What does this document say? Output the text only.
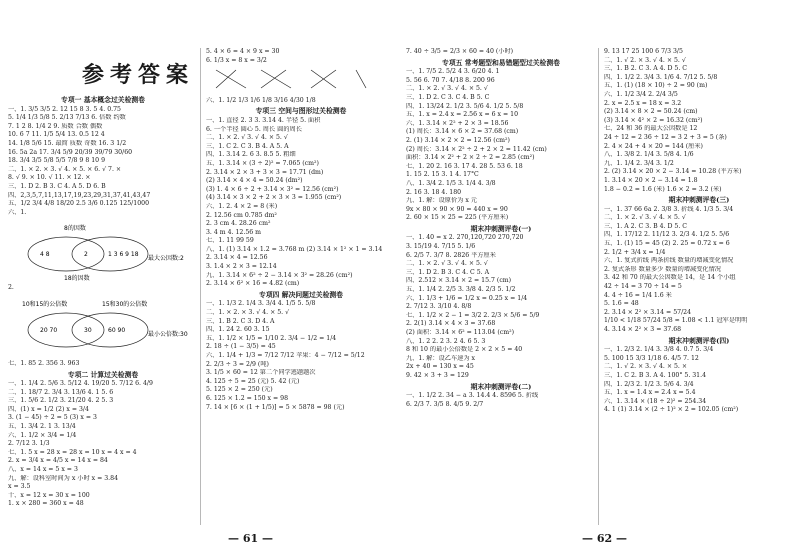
参考答案
专项一 基本概念过关检测卷
一、1. 3/5 3/5 2. 12 15 8 3. 5 4. 0.75
5. 1/4 1/3 5/8 5. 2/13 7/13 6. 倍数 约数
7. 1 2 8. 1/4 2 9. 质数 合数 偶数
10. 6 7 11. 1/5 5/4 13. 0.5 12 4
14. 1/8 5/6 15. 最简 质数 奇数 16. 3 1/2
16. 5a 2a 17. 3/4 5/9 20/39 39/79 30/60
18. 3/4 3/5 5/8 5/5 7/8 9 8 10 9
二、1. × 2. × 3. √ 4. × 5. × 6. √ 7. ×
8. √ 9. × 10. √ 11. × 12. ×
三、1. D 2. B 3. C 4. A 5. D 6. B
四、2,3,5,7,11,13,17,19,23,29,31,37,41,43,47
五、1/2 3/4 4/8 18/20 2.5 3/6 0.125 125/1000
六、1.
4 8	2	1 3 6 9 18
最大公因数:2
8的因数
18的因数
2.
20 70	30	60 90
最小公倍数:30
10和15的公倍数	15和30的公倍数
七、1. 85 2. 356 3. 963
专项二 计算过关检测卷
一、1. 1/4 2. 5/6 3. 5/12 4. 19/20 5. 7/12 6. 4/9
二、1. 18/7 2. 3/4 3. 13/6 4. 1 5. 6
三、1. 5/6 2. 1/2 3. 21/20 4. 2 5. 3
四、(1) x = 1/2 (2) x = 3/4
3. (1 − 45) ÷ 2 = 5 (3) x = 3
五、1. 3/4 2. 1 3. 13/4
六、1. 1/2 × 3/4 = 1/4
2. 7/12 3. 1/3
七、1. 5 x = 28 x = 28 x = 10 x = 4 x = 4
2. x = 3/4 x = 4/5 x = 14 x = 84
八、x = 14 x = 5 x = 3
九、解：设科室时间为 x 小时 x = 3.84
x = 3.5
十、x = 12 x = 30 x = 100
1. x × 280 = 360 x = 48
5. 4 × 6 = 4 × 9 x = 30
6. 1/3 x = 8 x = 3/2
六、1. 1/2 1/3 1/6 1/8 3/16 4/30 1/8
专项三 空间与图形过关检测卷
一、1. 直径 2. 3 3. 3.14 4. 半径 5. 面积
6. 一个半径 圆心 5. 周长 圆的周长
二、1. × 2. √ 3. √ 4. × 5. √
三、1. C 2. C 3. B 4. A 5. A
四、1. 3.14 2. 6 3. 8.5 5. 粗细
五、1. 3.14 × (3 ÷ 2)² = 7.065 (cm²)
2. 3.14 × 2 × 3 + 3 × 3 = 17.71 (dm)
(2) 3.14 × 4 × 4 = 50.24 (dm²)
(3) 1. 4 × 6 ÷ 2 + 3.14 × 3² = 12.56 (cm²)
(4) 3.14 × 3 × 2 + 2 × 3 × 3 = 1.955 (cm²)
六、1. 2. 4 × 2 = 8 (米)
2. 12.56 cm 0.785 dm²
2. 3 cm 4. 28.26 cm²
3. 4 m 4. 12.56 m
七、1. 11 99 59
八、1. (1) 3.14 × 1.2 = 3.768 m (2) 3.14 × 1² × 1 = 3.14
2. 3.14 × 4 = 12.56
3. 1.4 × 2 × 3 = 12.14
九、1. 3.14 × 6² ÷ 2 − 3.14 × 3² = 28.26 (cm²)
2. 3.14 × 6² × 16 = 4.82 (cm)
专项四 解决问题过关检测卷
一、1. 1/3 2. 1/4 3. 3/4 4. 1/5 5. 5/8
二、1. × 2. × 3. √ 4. × 5. √
三、1. B 2. C 3. D 4. A
四、1. 24 2. 60 3. 15
五、1. 1/2 × 1/5 = 1/10 2. 3/4 − 1/2 = 1/4
2. 18 ÷ (1 − 3/5) = 45
六、1. 1/4 + 1/3 = 7/12 7/12 苹果：4 − 7/12 = 5/12
2. 2/3 ÷ 3 = 2/9 (吨)
3. 1/5 × 60 = 12 第二个同学逃题题次
4. 125 ÷ 5 = 25 (元) 5. 42 (元)
5. 125 × 2 = 250 (元)
6. 125 × 1.2 = 150 x = 98
7. 14 × [6 × (1 + 1/5)] = 5 × 5878 = 98 (元)
— 61 —
7. 40 ÷ 3/5 = 2/3 × 60 = 40 (小时)
专项五 常考题型和易错题型过关检测卷
一、1. 7/5 2. 5/2 4 3. 6/20 4. 1
5. 56 6. 70 7. 4/18 8. 200 96
二、1. × 2. √ 3. √ 4. × 5. √
三、1. D 2. C 3. C 4. B 5. C
四、1. 13/24 2. 1/2 3. 5/6 4. 1/2 5. 5/8
五、1. x = 2.4 x = 2.56 x = 6 x = 10
六、1. 3.14 × 2² + 2 × 3 = 18.56
(1) 周长：3.14 × 6 × 2 = 37.68 (cm)
2. (1) 3.14 × 2 × 2 = 12.56 (cm²)
(2) 周长：3.14 × 2² ÷ 2 + 2 × 2 = 11.42 (cm)
面积：3.14 × 2² + 2 × 2 ÷ 2 = 2.85 (cm²)
七、1. 20 2. 16 3. 17 4. 28 5. 53 6. 18
1. 15 2. 15 3. 1 4. 17°C
八、1. 3/4 2. 1/5 3. 1/4 4. 3/8
2. 16 3. 18 4. 180
九、1. 解：设原价为 x 元
9x × 80 × 90 × 90 = 440 x = 90
2. 60 × 15 × 25 = 225 (平方厘米)
期末冲刺测评卷(一)
一、1. 40 = x 2. 270,120,720 270,720
3. 15/19 4. 7/15 5. 1/6
6. 2/5 7. 3/7 8. 2826 平方厘米
二、1. × 2. √ 3. √ 4. × 5. √
三、1. D 2. B 3. C 4. C 5. A
四、2.512 × 3.14 × 2 = 15.7 (cm)
五、1. 1/4 2. 2/5 3. 3/8 4. 2/3 5. 1/2
六、1. 1/3 + 1/6 = 1/2 x = 0.25 x = 1/4
2. 7/12 3. 3/10 4. 8/8
七、1. 1/2 × 2 − 1 = 3/2 2. 2/3 × 5/6 = 5/9
2. 2(1) 3.14 × 4 × 3 = 37.68
(2) 面积：3.14 × 6² = 113.04 (cm²)
八、1. 2 2. 2 3. 2 4. 6 5. 3
8 和 10 的最小公倍数是 2 × 2 × 5 = 40
九、1. 解：设乙车速为 x
2x + 40 = 130 x = 45
9. 42 × 3 + 3 = 129
期末冲刺测评卷(二)
一、1. 1/2 2. 34 − a 3. 14.4 4. 8596 5. 折线
6. 2/3 7. 3/5 8. 4/5 9. 2/7
9. 13 17 25 100 6 7/3 3/5
二、1. √ 2. × 3. √ 4. × 5. √
三、1. B 2. C 3. A 4. D 5. C
四、1. 1/2 2. 3/4 3. 1/6 4. 7/12 5. 5/8
五、1. (1) (18 × 10) ÷ 2 = 90 (m)
六、1. 1/2 3/4 2. 2/4 3/5
2. x = 2.5 x = 18 x = 3.2
(2) 3.14 × 8 × 2 = 50.24 (cm)
(3) 3.14 × 4² × 2 = 16.32 (cm²)
七、24 和 36 的最大公因数是 12
24 ÷ 12 = 2 36 ÷ 12 = 3 2 + 3 = 5 (条)
2. 4 × 24 + 4 × 20 = 144 (厘米)
八、1. 3/8 2. 1/4 3. 5/8 4. 1/6
九、1. 1/4 2. 3/4 3. 1/2
2. (2) 3.14 × 20 × 2 − 3.14 = 10.28 (平方米)
1. 3.14 × 20 × 2 − 3.14 = 1.8
1.8 − 0.2 = 1.6 (米) 1.6 × 2 = 3.2 (米)
期末冲刺测评卷(三)
一、1. 37 66 6a 2. 3/8 3. 折线 4. 1/3 5. 3/4
二、1. × 2. √ 3. √ 4. × 5. √
三、1. A 2. C 3. B 4. D 5. C
四、1. 17/12 2. 11/12 3. 2/3 4. 1/2 5. 5/6
五、1. (1) 15 = 45 (2) 2. 25 = 0.72 x = 6
2. 1/2 + 3/4 x = 1/4
六、1. 复式折线 两条折线 数量的增减变化情况
2. 复式条形 数量多少 数量的增减变化情况
3. 42 和 70 的最大公因数是 14，是 14 个小组
42 ÷ 14 = 3 70 ÷ 14 = 5
4. 4 ÷ 16 = 1/4 1.6 米
5. 1.6 = 48
2. 3.14 × 2² × 3.14 = 57/24
1/10 < 1/18 57/24 5/8 ≈ 1.08 < 1.1 冠军是明明
4. 3.14 × 2² × 3 = 37.68
期末冲刺测评卷(四)
一、1. 2/3 2. 1/4 3. 3/8 4. 0.7 5. 3/4
5. 100 15 3/3 1/18 6. 4/5 7. 12
二、1. √ 2. × 3. √ 4. × 5. ×
三、1. C 2. B 3. A 4. 100° 5. 31.4
四、1. 2/3 2. 1/2 3. 5/6 4. 3/4
五、1. x = 1.4 x = 2.4 x = 5.4
六、1. 3.14 × (18 ÷ 2)² = 254.34
4. 1 (1) 3.14 × (2 ÷ 1)² × 2 = 102.05 (cm²)
— 62 —
